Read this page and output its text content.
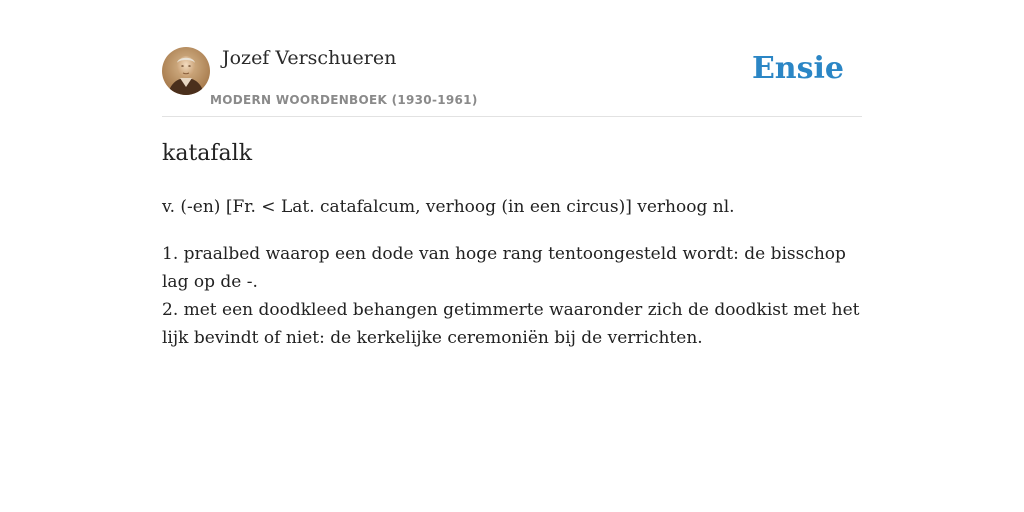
Jozef Verschueren
MODERN WOORDENBOEK (1930-1961)
Ensie
katafalk

v. (-en) [Fr. < Lat. catafalcum, verhoog (in een circus)] verhoog nl.

1. praalbed waarop een dode van hoge rang tentoongesteld wordt: de bisschop lag op de -.
2. met een doodkleed behangen getimmerte waaronder zich de doodkist met het lijk bevindt of niet: de kerkelijke ceremoniën bij de verrichten.
